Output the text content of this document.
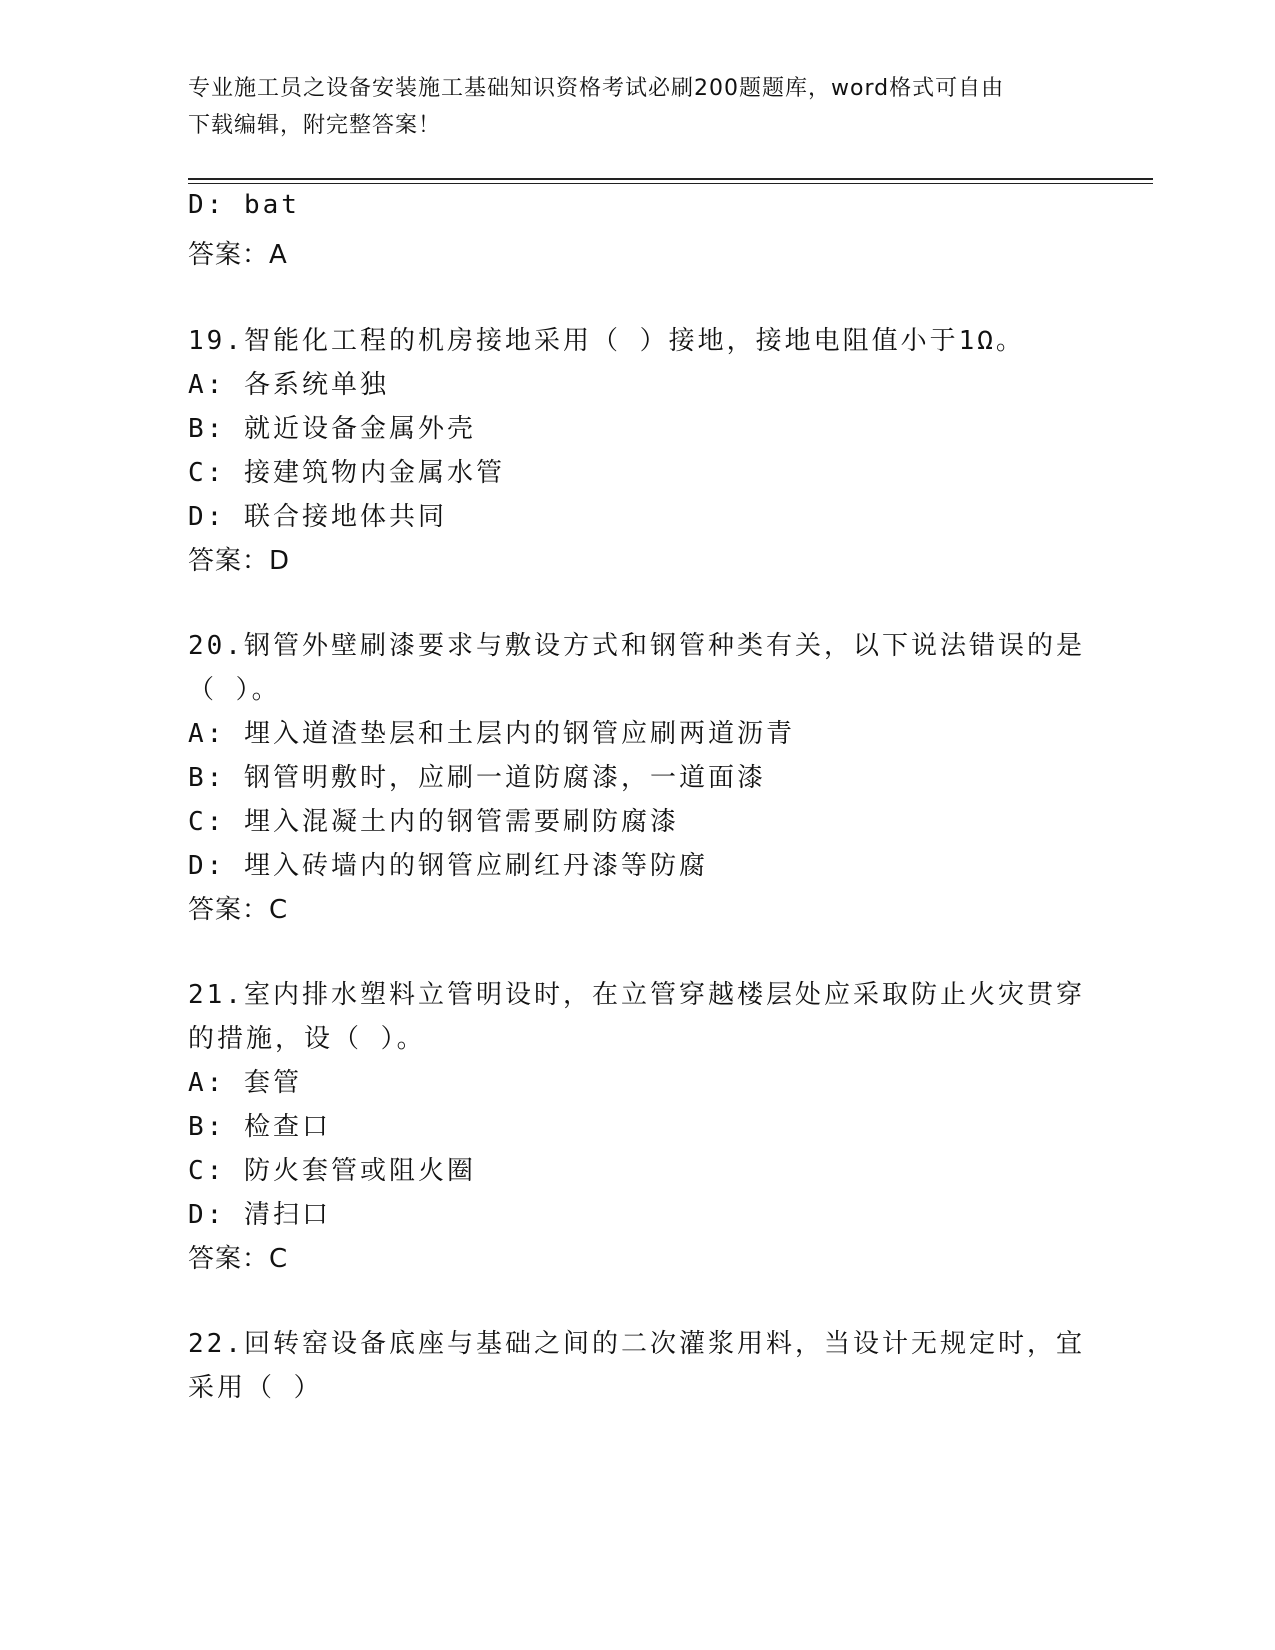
专业施工员之设备安装施工基础知识资格考试必刷200题题库，word格式可自由
下载编辑，附完整答案！
D: bat
答案：A
19.智能化工程的机房接地采用（ ）接地，接地电阻值小于1Ω。
A: 各系统单独
B: 就近设备金属外壳
C: 接建筑物内金属水管
D: 联合接地体共同
答案：D
20.钢管外壁刷漆要求与敷设方式和钢管种类有关，以下说法错误的是
（ ）。
A: 埋入道渣垫层和土层内的钢管应刷两道沥青
B: 钢管明敷时，应刷一道防腐漆，一道面漆
C: 埋入混凝土内的钢管需要刷防腐漆
D: 埋入砖墙内的钢管应刷红丹漆等防腐
答案：C
21.室内排水塑料立管明设时，在立管穿越楼层处应采取防止火灾贯穿
的措施，设（ ）。
A: 套管
B: 检查口
C: 防火套管或阻火圈
D: 清扫口
答案：C
22.回转窑设备底座与基础之间的二次灌浆用料，当设计无规定时，宜
采用（ ）
